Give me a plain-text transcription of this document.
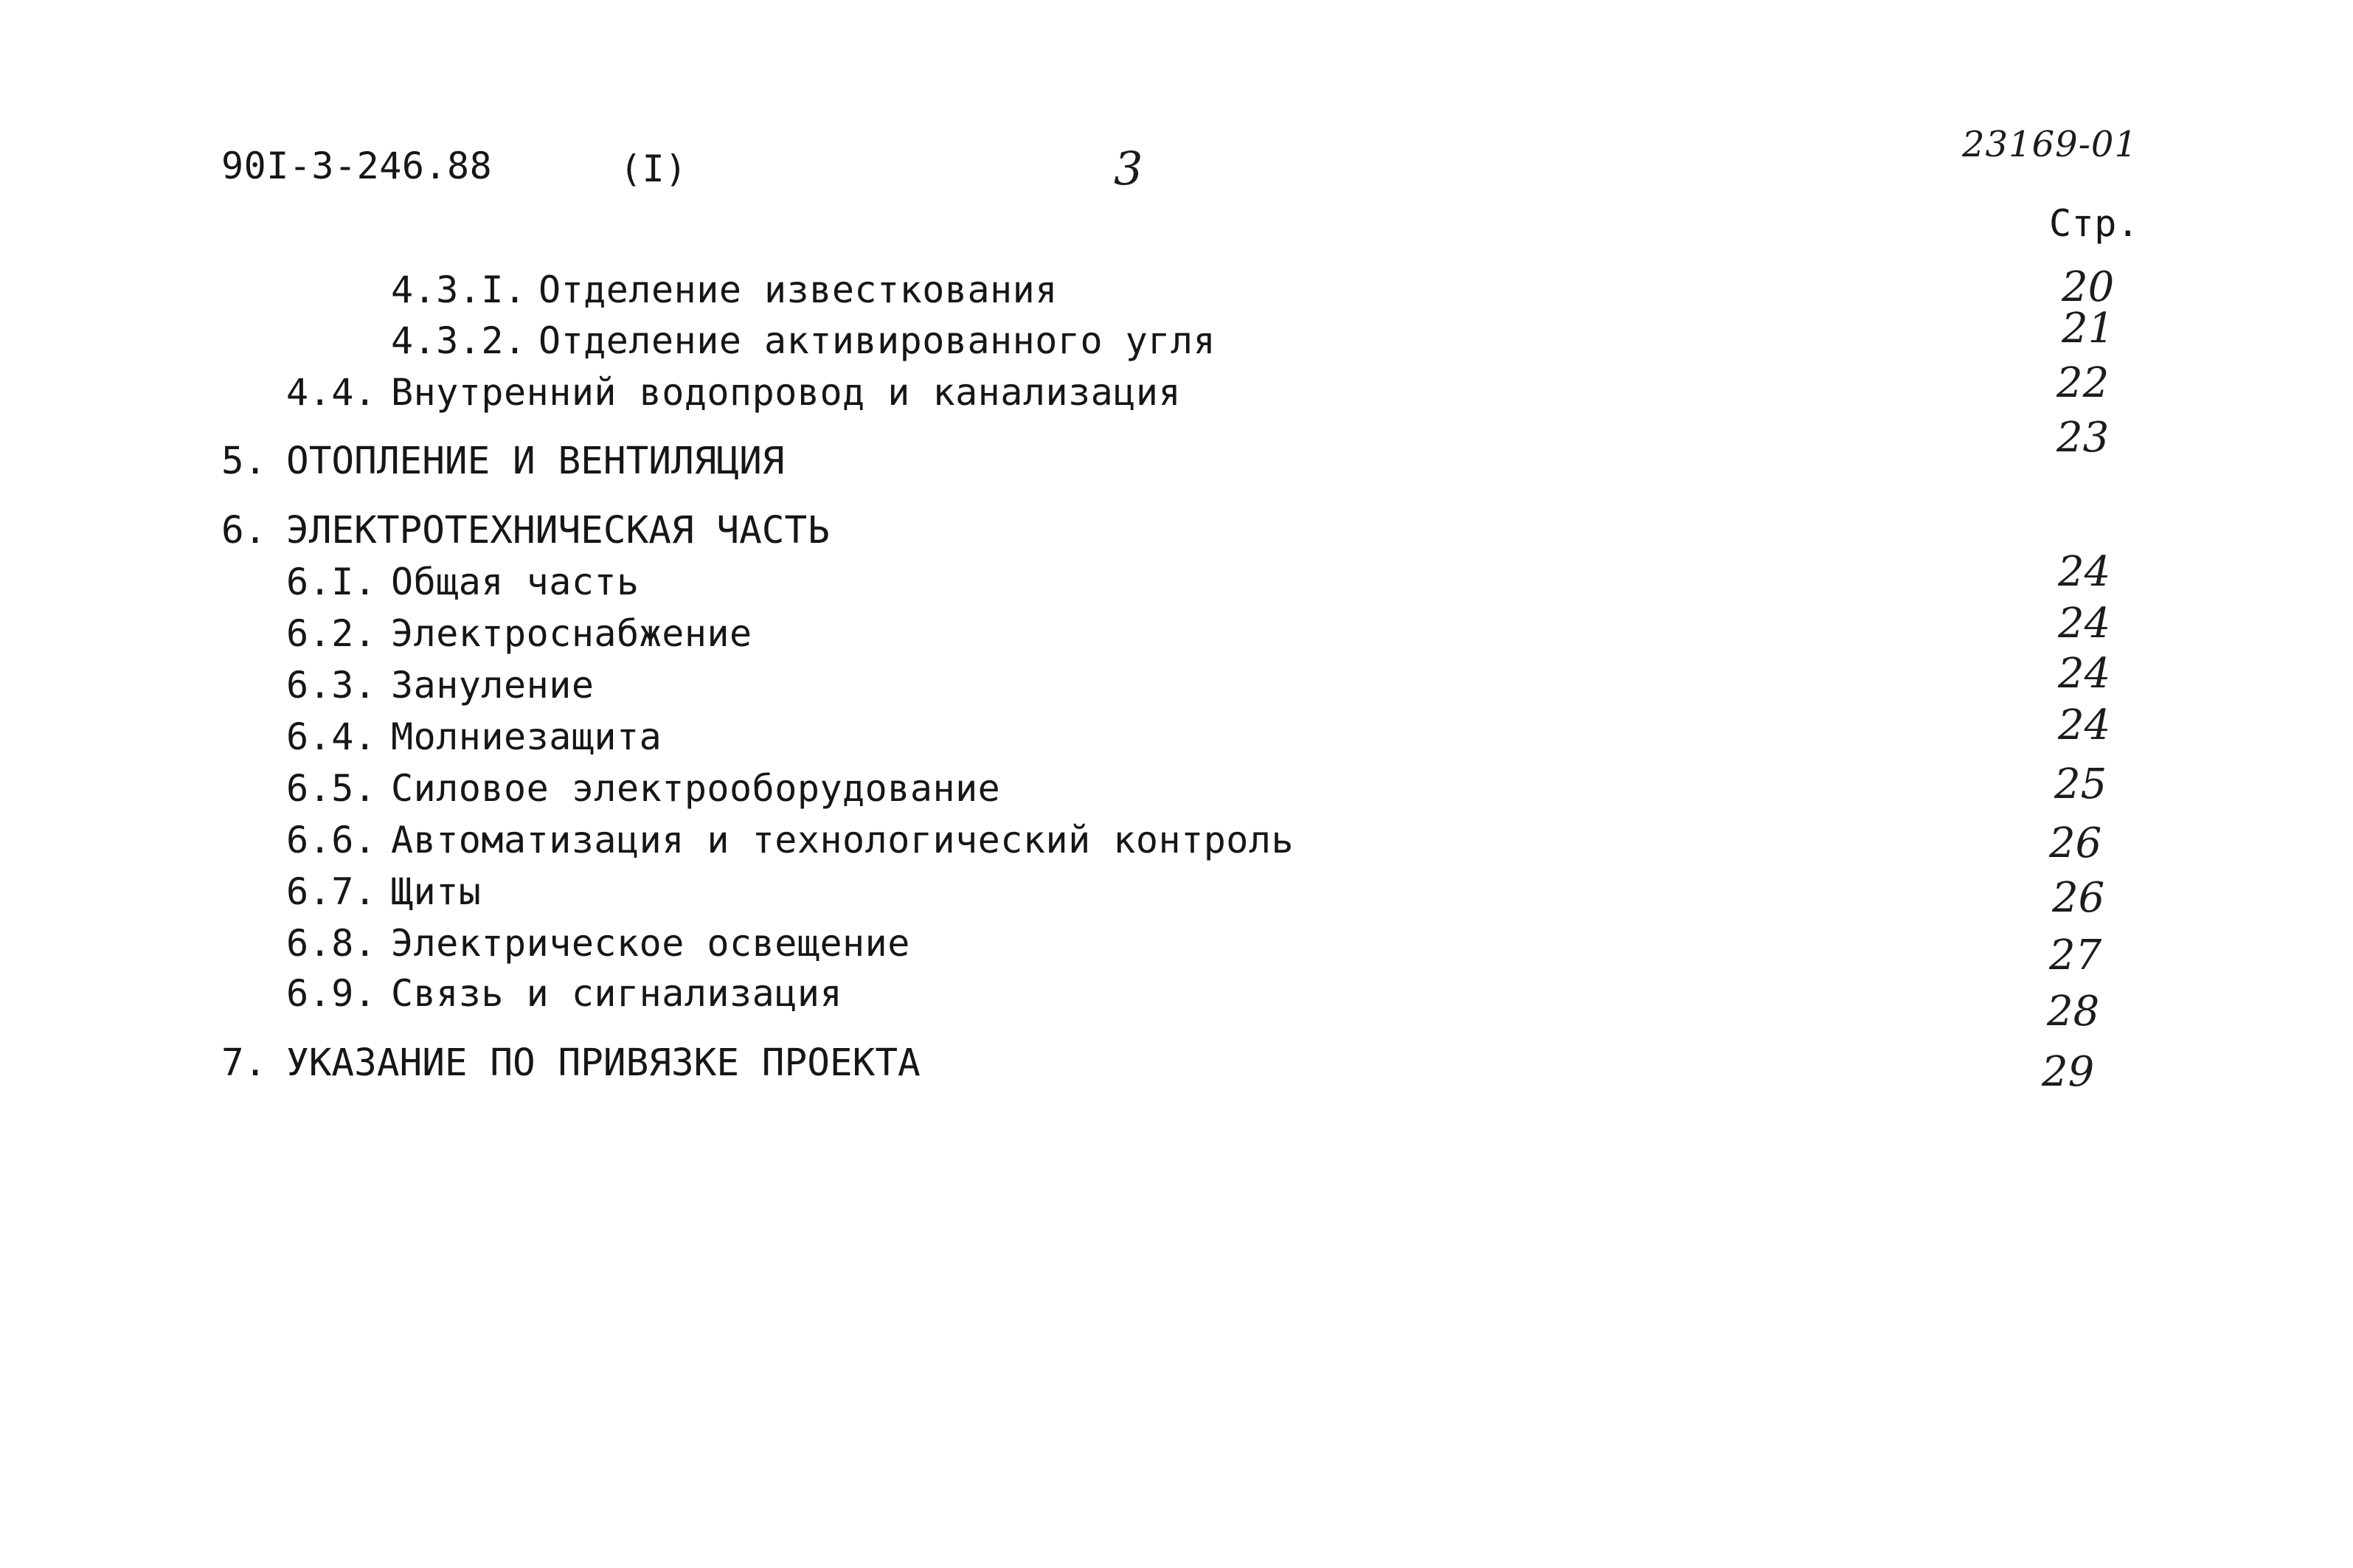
90I-3-246.88	(I)	3	23169-01
Стр.
4.3.I. Отделение известкования	20
4.3.2. Отделение активированного угля	21
4.4. Внутренний водопровод и канализация	22
5. ОТОПЛЕНИЕ И ВЕНТИЛЯЦИЯ	23
6. ЭЛЕКТРОТЕХНИЧЕСКАЯ ЧАСТЬ
6.I. Общая часть	24
6.2. Электроснабжение	24
6.3. Зануление	24
6.4. Молниезащита	24
6.5. Силовое электрооборудование	25
6.6. Автоматизация и технологический контроль	26
6.7. Щиты	26
6.8. Электрическое освещение	27
6.9. Связь и сигнализация	28
7. УКАЗАНИЕ ПО ПРИВЯЗКЕ ПРОЕКТА	29
